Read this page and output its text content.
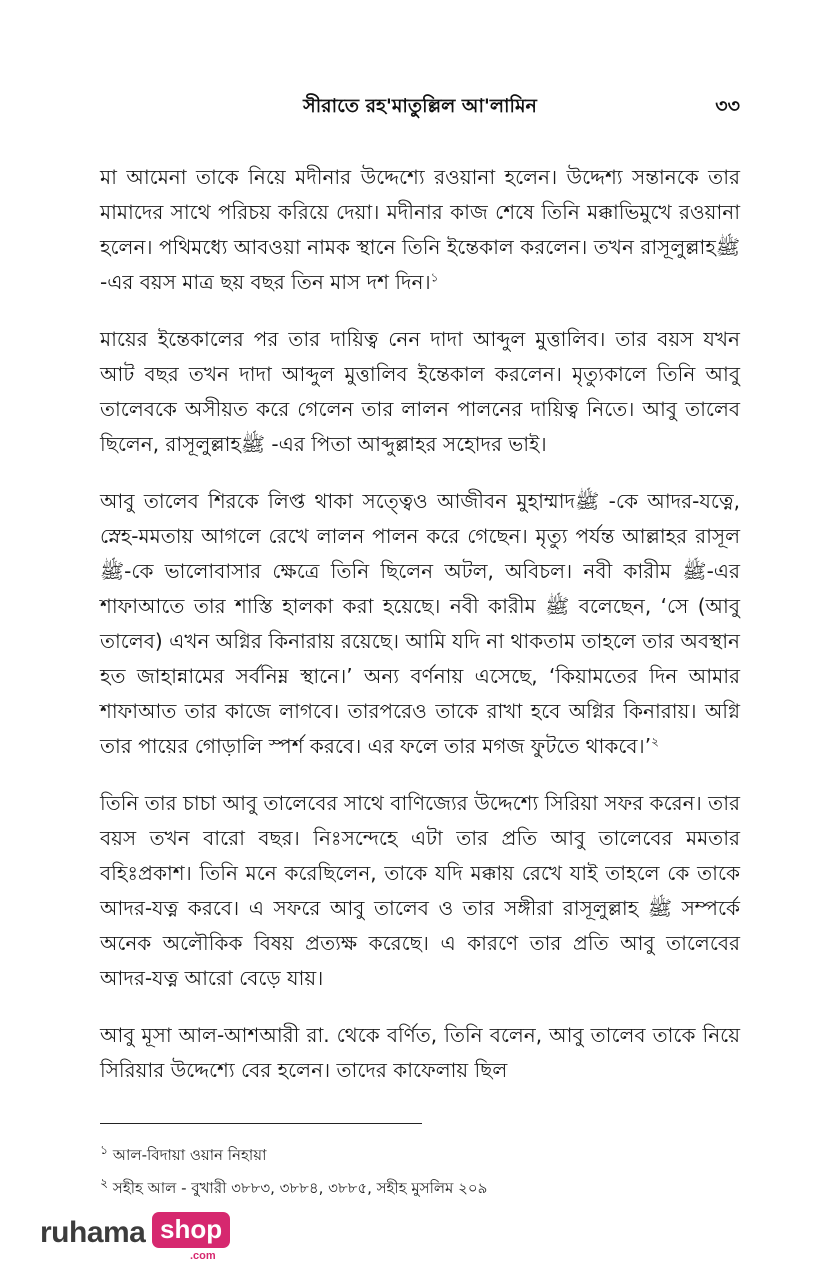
সীরাতে রহ'মাতুল্লিল আ'লামিন	৩৩

মা আমেনা তাকে নিয়ে মদীনার উদ্দেশ্যে রওয়ানা হলেন। উদ্দেশ্য সন্তানকে তার মামাদের সাথে পরিচয় করিয়ে দেয়া। মদীনার কাজ শেষে তিনি মক্কাভিমুখে রওয়ানা হলেন। পথিমধ্যে আবওয়া নামক স্থানে তিনি ইন্তেকাল করলেন। তখন রাসূলুল্লাহﷺ -এর বয়স মাত্র ছয় বছর তিন মাস দশ দিন।$^১$

মায়ের ইন্তেকালের পর তার দায়িত্ব নেন দাদা আব্দুল মুত্তালিব। তার বয়স যখন আট বছর তখন দাদা আব্দুল মুত্তালিব ইন্তেকাল করলেন। মৃত্যুকালে তিনি আবু তালেবকে অসীয়ত করে গেলেন তার লালন পালনের দায়িত্ব নিতে। আবু তালেব ছিলেন, রাসূলুল্লাহﷺ -এর পিতা আব্দুল্লাহর সহোদর ভাই।

আবু তালেব শিরকে লিপ্ত থাকা সত্ত্বেও আজীবন মুহাম্মাদﷺ -কে আদর-যত্নে, স্নেহ-মমতায় আগলে রেখে লালন পালন করে গেছেন। মৃত্যু পর্যন্ত আল্লাহর রাসূল ﷺ-কে ভালোবাসার ক্ষেত্রে তিনি ছিলেন অটল, অবিচল। নবী কারীম ﷺ-এর শাফাআতে তার শাস্তি হালকা করা হয়েছে। নবী কারীম ﷺ বলেছেন, ‘সে (আবু তালেব) এখন অগ্নির কিনারায় রয়েছে। আমি যদি না থাকতাম তাহলে তার অবস্থান হত জাহান্নামের সর্বনিম্ন স্থানে।’ অন্য বর্ণনায় এসেছে, ‘কিয়ামতের দিন আমার শাফাআত তার কাজে লাগবে। তারপরেও তাকে রাখা হবে অগ্নির কিনারায়। অগ্নি তার পায়ের গোড়ালি স্পর্শ করবে। এর ফলে তার মগজ ফুটতে থাকবে।’$^২$

তিনি তার চাচা আবু তালেবের সাথে বাণিজ্যের উদ্দেশ্যে সিরিয়া সফর করেন। তার বয়স তখন বারো বছর। নিঃসন্দেহে এটা তার প্রতি আবু তালেবের মমতার বহিঃপ্রকাশ। তিনি মনে করেছিলেন, তাকে যদি মক্কায় রেখে যাই তাহলে কে তাকে আদর-যত্ন করবে। এ সফরে আবু তালেব ও তার সঙ্গীরা রাসূলুল্লাহ ﷺ সম্পর্কে অনেক অলৌকিক বিষয় প্রত্যক্ষ করেছে। এ কারণে তার প্রতি আবু তালেবের আদর-যত্ন আরো বেড়ে যায়।

আবু মূসা আল-আশআরী রা. থেকে বর্ণিত, তিনি বলেন, আবু তালেব তাকে নিয়ে সিরিয়ার উদ্দেশ্যে বের হলেন। তাদের কাফেলায় ছিল

$^১$ আল-বিদায়া ওয়ান নিহায়া
$^২$ সহীহ আল - বুখারী ৩৮৮৩, ৩৮৮৪, ৩৮৮৫, সহীহ মুসলিম ২০৯
ruhama shop
.com
